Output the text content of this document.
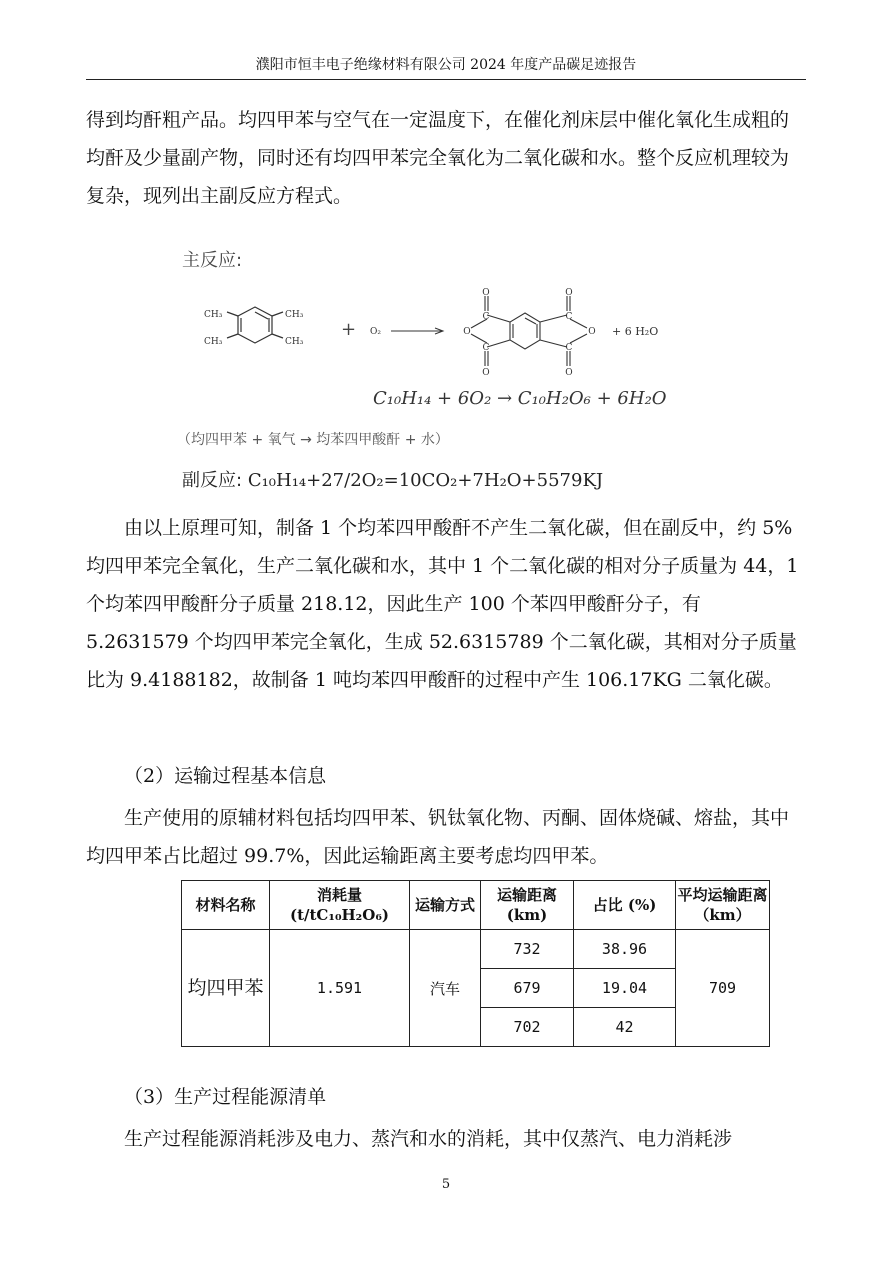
濮阳市恒丰电子绝缘材料有限公司 2024 年度产品碳足迹报告

得到均酐粗产品。均四甲苯与空气在一定温度下，在催化剂床层中催化氧化生成粗的均酐及少量副产物，同时还有均四甲苯完全氧化为二氧化碳和水。整个反应机理较为复杂，现列出主副反应方程式。

主反应:
CH₃
CH₃
CH₃
CH₃
+ O₂
O
C
O
C
O
O
C
O
C
O
+ 6 H₂O
C₁₀H₁₄ + 6O₂ → C₁₀H₂O₆ + 6H₂O
（均四甲苯 + 氧气 → 均苯四甲酸酐 + 水）
副反应: C₁₀H₁₄+27/2O₂=10CO₂+7H₂O+5579KJ

由以上原理可知，制备 1 个均苯四甲酸酐不产生二氧化碳，但在副反中，约 5%均四甲苯完全氧化，生产二氧化碳和水，其中 1 个二氧化碳的相对分子质量为 44，1 个均苯四甲酸酐分子质量 218.12，因此生产 100 个苯四甲酸酐分子，有 5.2631579 个均四甲苯完全氧化，生成 52.6315789 个二氧化碳，其相对分子质量比为 9.4188182，故制备 1 吨均苯四甲酸酐的过程中产生 106.17KG 二氧化碳。

（2）运输过程基本信息

生产使用的原辅材料包括均四甲苯、钒钛氧化物、丙酮、固体烧碱、熔盐，其中均四甲苯占比超过 99.7%，因此运输距离主要考虑均四甲苯。

材料名称	消耗量 (t/tC₁₀H₂O₆)	运输方式	运输距离 (km)	占比 (%)	平均运输距离（km）
均四甲苯	1.591	汽车	732	38.96	709
			679	19.04	
			702	42	
（3）生产过程能源清单
生产过程能源消耗涉及电力、蒸汽和水的消耗，其中仅蒸汽、电力消耗涉
5
